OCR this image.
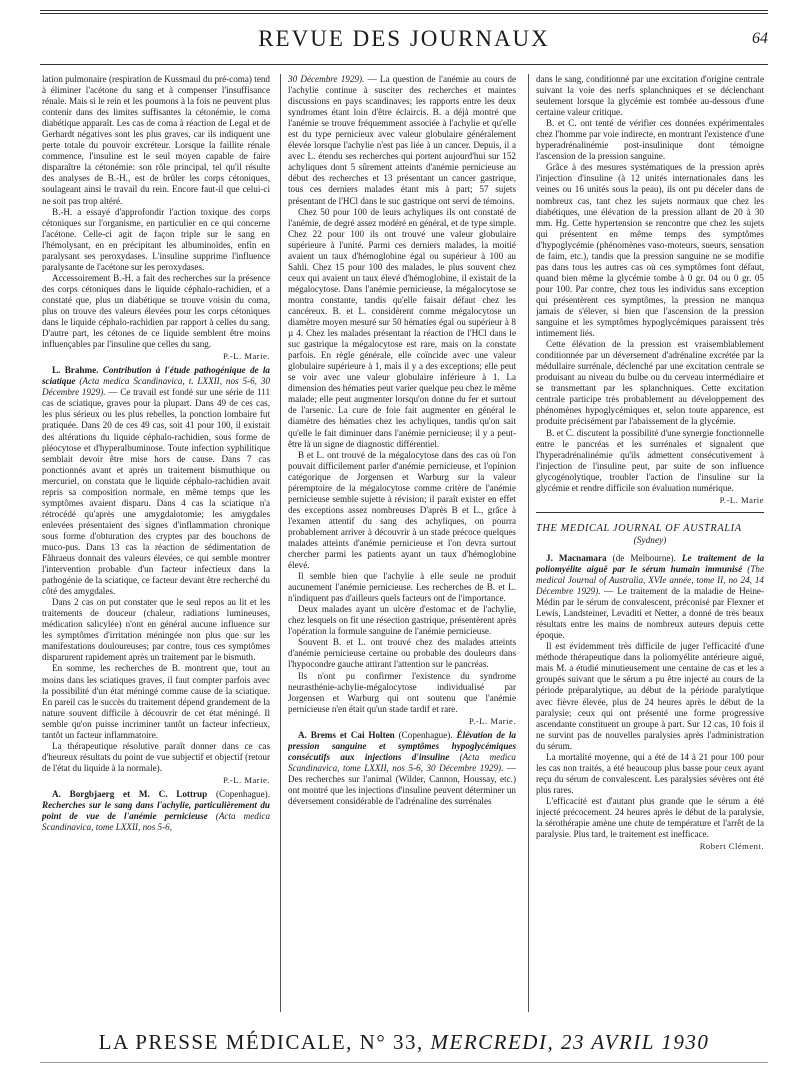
REVUE DES JOURNAUX	64

lation pulmonaire (respiration de Kussmaul du pré-coma) tend à éliminer l'acétone du sang et à compenser l'insuffisance rénale. Mais si le rein et les poumons à la fois ne peuvent plus contenir dans des limites suffisantes la cétonémie, le coma diabétique apparaît. Les cas de coma à réaction de Legal et de Gerhardt négatives sont les plus graves, car ils indiquent une perte totale du pouvoir excréteur. Lorsque la faillite rénale commence, l'insuline est le seul moyen capable de faire disparaître la cétonémie: son rôle principal, tel qu'il résulte des analyses de B.-H., est de brûler les corps cétoniques, soulageant ainsi le travail du rein. Encore faut-il que celui-ci ne soit pas trop altéré.

B.-H. a essayé d'approfondir l'action toxique des corps cétoniques sur l'organisme, en particulier en ce qui concerne l'acétone. Celle-ci agit de façon triple sur le sang en l'hémolysant, en en précipitant les albuminoïdes, enfin en paralysant ses peroxydases. L'insuline supprime l'influence paralysante de l'acétone sur les peroxydases.

Accessoirement B.-H. a fait des recherches sur la présence des corps cétoniques dans le liquide céphalo-rachidien, et a constaté que, plus un diabétique se trouve voisin du coma, plus on trouve des valeurs élevées pour les corps cétoniques dans le liquide céphalo-rachidien par rapport à celles du sang. D'autre part, les cétones de ce liquide semblent être moins influençables par l'insuline que celles du sang.

P.-L. Marie.

L. Brahme. Contribution à l'étude pathogénique de la sciatique (Acta medica Scandinavica, t. LXXII, nos 5-6, 30 Décembre 1929). — Ce travail est fondé sur une série de 111 cas de sciatique, graves pour la plupart. Dans 49 de ces cas, les plus sérieux ou les plus rebelles, la ponction lombaire fut pratiquée. Dans 20 de ces 49 cas, soit 41 pour 100, il existait des altérations du liquide céphalo-rachidien, sous forme de pléocytose et d'hyperalbuminose. Toute infection syphilitique semblait devoir être mise hors de cause. Dans 7 cas ponctionnés avant et après un traitement bismuthique ou mercuriel, on constata que le liquide céphalo-rachidien avait repris sa composition normale, en même temps que les symptômes avaient disparu. Dans 4 cas la sciatique n'a rétrocédé qu'après une amygdalotomie; les amygdales enlevées présentaient des signes d'inflammation chronique sous forme d'obturation des cryptes par des bouchons de muco-pus. Dans 13 cas la réaction de sédimentation de Fåhraeus donnait des valeurs élevées, ce qui semble montrer l'intervention probable d'un facteur infectieux dans la pathogénie de la sciatique, ce facteur devant être recherché du côté des amygdales.

Dans 2 cas on put constater que le seul repos au lit et les traitements de douceur (chaleur, radiations lumineuses, médication salicylée) n'ont en général aucune influence sur les symptômes d'irritation méningée non plus que sur les manifestations douloureuses; par contre, tous ces symptômes disparurent rapidement après un traitement par le bismuth.

En somme, les recherches de B. montrent que, tout au moins dans les sciatiques graves, il faut compter parfois avec la possibilité d'un état méningé comme cause de la sciatique. En pareil cas le succès du traitement dépend grandement de la nature souvent difficile à découvrir de cet état méningé. Il semble qu'on puisse incriminer tantôt un facteur infectieux, tantôt un facteur inflammatoire.

La thérapeutique résolutive paraît donner dans ce cas d'heureux résultats du point de vue subjectif et objectif (retour de l'état du liquide à la normale).

P.-L. Marie.

A. Borgbjaerg et M. C. Lottrup (Copenhague). Recherches sur le sang dans l'achylie, particulièrement du point de vue de l'anémie pernicieuse (Acta medica Scandinavica, tome LXXII, nos 5-6,

30 Décembre 1929). — La question de l'anémie au cours de l'achylie continue à susciter des recherches et maintes discussions en pays scandinaves; les rapports entre les deux syndromes étant loin d'être éclaircis. B. a déjà montré que l'anémie se trouve fréquemment associée à l'achylie et qu'elle est du type pernicieux avec valeur globulaire généralement élevée lorsque l'achylie n'est pas liée à un cancer. Depuis, il a avec L. étendu ses recherches qui portent aujourd'hui sur 152 achyliques dont 5 sûrement atteints d'anémie pernicieuse au début des recherches et 13 présentant un cancer gastrique, tous ces derniers malades étant mis à part; 57 sujets présentant de l'HCl dans le suc gastrique ont servi de témoins.

Chez 50 pour 100 de leurs achyliques ils ont constaté de l'anémie, de degré assez modéré en général, et de type simple. Chez 22 pour 100 ils ont trouvé une valeur globulaire supérieure à l'unité. Parmi ces derniers malades, la moitié avaient un taux d'hémoglobine égal ou supérieur à 100 au Sahli. Chez 15 pour 100 des malades, le plus souvent chez ceux qui avaient un taux élevé d'hémoglobine, il existait de la mégalocytose. Dans l'anémie pernicieuse, la mégalocytose se montra constante, tandis qu'elle faisait défaut chez les cancéreux. B. et L. considèrent comme mégalocytose un diamètre moyen mesuré sur 50 hématies égal ou supérieur à 8 µ 4. Chez les malades présentant la réaction de l'HCl dans le suc gastrique la mégalocytose est rare, mais on la constate parfois. En règle générale, elle coïncide avec une valeur globulaire supérieure à 1, mais il y a des exceptions; elle peut se voir avec une valeur globulaire inférieure à 1. La dimension des hématies peut varier quelque peu chez le même malade; elle peut augmenter lorsqu'on donne du fer et surtout de l'arsenic. La cure de foie fait augmenter en général le diamètre des hématies chez les achyliques, tandis qu'on sait qu'elle le fait diminuer dans l'anémie pernicieuse; il y a peut-être là un signe de diagnostic différentiel.

B et L. ont trouvé de la mégalocytose dans des cas où l'on pouvait difficilement parler d'anémie pernicieuse, et l'opinion catégorique de Jorgensen et Warburg sur la valeur péremptoire de la mégalocytose comme critère de l'anémie pernicieuse semble sujette à révision; il paraît exister en effet des exceptions assez nombreuses D'après B et L., grâce à l'examen attentif du sang des achyliques, on pourra probablement arriver à découvrir à un stade précoce quelques malades atteints d'anémie pernicieuse et l'on devra surtout chercher parmi les patients ayant un taux d'hémoglobine élevé.

Il semble bien que l'achylie à elle seule ne produit aucunement l'anémie pernicieuse. Les recherches de B. et L. n'indiquent pas d'ailleurs quels facteurs ont de l'importance.

Deux malades ayant un ulcère d'estomac et de l'achylie, chez lesquels on fit une résection gastrique, présentèrent après l'opération la formule sanguine de l'anémie pernicieuse.

Souvent B. et L. ont trouvé chez des malades atteints d'anémie pernicieuse certaine ou probable des douleurs dans l'hypocondre gauche attirant l'attention sur le pancréas.

Ils n'ont pu confirmer l'existence du syndrome neurasthénie-achylie-mégalocytose individualisé par Jorgensen et Warburg qui ont soutenu que l'anémie pernicieuse n'en était qu'un stade tardif et rare.

P.-L. Marie.

A. Brems et Cai Holten (Copenhague). Élévation de la pression sanguine et symptômes hypoglycémiques consécutifs aux injections d'insuline (Acta medica Scandinavica, tome LXXII, nos 5-6, 30 Décembre 1929). — Des recherches sur l'animal (Wilder, Cannon, Houssay, etc.) ont montré que les injections d'insuline peuvent déterminer un déversement considérable de l'adrénaline des surrénales

dans le sang, conditionné par une excitation d'origine centrale suivant la voie des nerfs splanchniques et se déclenchant seulement lorsque la glycémie est tombée au-dessous d'une certaine valeur critique.

B. et C. ont tenté de vérifier ces données expérimentales chez l'homme par voie indirecte, en montrant l'existence d'une hyperadrénalinémie post-insulinique dont témoigne l'ascension de la pression sanguine.

Grâce à des mesures systématiques de la pression après l'injection d'insuline (à 12 unités internationales dans les veines ou 16 unités sous la peau), ils ont pu déceler dans de nombreux cas, tant chez les sujets normaux que chez les diabétiques, une élévation de la pression allant de 20 à 30 mm. Hg. Cette hypertension se rencontre que chez les sujets qui présentent en même temps des symptômes d'hypoglycémie (phénomènes vaso-moteurs, sueurs, sensation de faim, etc.), tandis que la pression sanguine ne se modifie pas dans tous les autres cas où ces symptômes font défaut, quand bien même la glycémie tombe à 0 gr. 04 ou 0 gr. 05 pour 100. Par contre, chez tous les individus sans exception qui présentèrent ces symptômes, la pression ne manqua jamais de s'élever, si bien que l'ascension de la pression sanguine et les symptômes hypoglycémiques paraissent très intimement liés.

Cette élévation de la pression est vraisemblablement conditionnée par un déversement d'adrénaline excrétée par la médullaire surrénale, déclenché par une excitation centrale se produisant au niveau du bulbe ou du cerveau intermédiaire et se transmettant par les splanchniques. Cette excitation centrale participe très probablement au développement des phénomènes hypoglycémiques et, selon toute apparence, est produite précisément par l'abaissement de la glycémie.

B. et C. discutent la possibilité d'une synergie fonctionnelle entre le pancréas et les surrénales et signalent que l'hyperadrénalinémie qu'ils admettent consécutivement à l'injection de l'insuline peut, par suite de son influence glycogénolytique, troubler l'action de l'insuline sur la glycémie et rendre difficile son évaluation numérique.

P.-L. Marie
THE MEDICAL JOURNAL OF AUSTRALIA
(Sydney)

J. Macnamara (de Melbourne). Le traitement de la poliomyélite aiguë par le sérum humain immunisé (The medical Journal of Australia, XVIe année, tome II, no 24, 14 Décembre 1929). — Le traitement de la maladie de Heine-Médin par le sérum de convalescent, préconisé par Flexner et Lewis, Landsteiner, Levaditi et Netter, a donné de très beaux résultats entre les mains de nombreux auteurs depuis cette époque.

Il est évidemment très difficile de juger l'efficacité d'une méthode thérapeutique dans la poliomyélite antérieure aiguë, mais M. a étudié minutieusement une centaine de cas et les a groupés suivant que le sérum a pu être injecté au cours de la période préparalytique, au début de la période paralytique avec fièvre élevée, plus de 24 heures après le début de la paralysie; ceux qui ont présenté une forme progressive ascendante constituent un groupe à part. Sur 12 cas, 10 fois il ne survint pas de nouvelles paralysies après l'administration du sérum.

La mortalité moyenne, qui a été de 14 à 21 pour 100 pour les cas non traités, a été beaucoup plus basse pour ceux ayant reçu du sérum de convalescent. Les paralysies sévères ont été plus rares.

L'efficacité est d'autant plus grande que le sérum a été injecté précocement. 24 heures après le début de la paralysie, la sérothérapie amène une chute de température et l'arrêt de la paralysie. Plus tard, le traitement est inefficace.

Robert Clément.
LA PRESSE MÉDICALE, N° 33, MERCREDI, 23 AVRIL 1930
